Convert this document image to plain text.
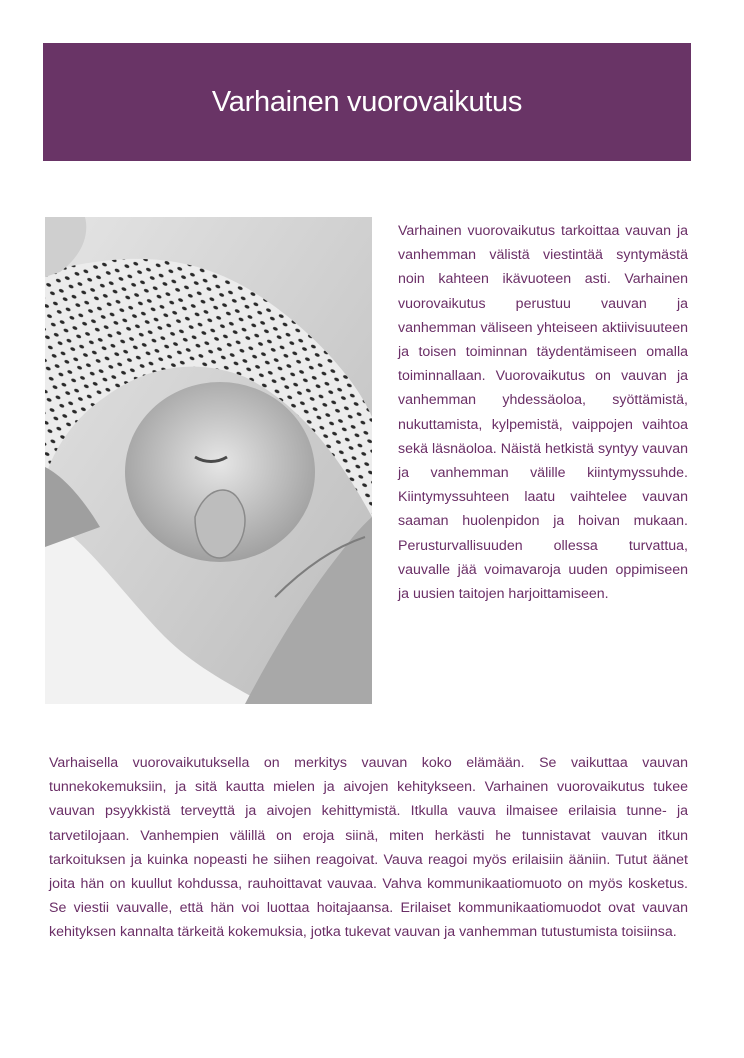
Varhainen vuorovaikutus

Varhainen vuorovaikutus tarkoittaa vauvan ja vanhemman välistä viestintää syntymästä noin kahteen ikävuoteen asti. Varhainen vuorovaikutus perustuu vauvan ja vanhemman väliseen yhteiseen aktiivisuuteen ja toisen toiminnan täydentämiseen omalla toiminnallaan. Vuorovaikutus on vauvan ja vanhemman yhdessäoloa, syöttämistä, nukuttamista, kylpemistä, vaippojen vaihtoa sekä läsnäoloa. Näistä hetkistä syntyy vauvan ja vanhemman välille kiintymyssuhde. Kiintymyssuhteen laatu vaihtelee vauvan saaman huolenpidon ja hoivan mukaan. Perusturvallisuuden ollessa turvattua, vauvalle jää voimavaroja uuden oppimiseen ja uusien taitojen harjoittamiseen.

Varhaisella vuorovaikutuksella on merkitys vauvan koko elämään. Se vaikuttaa vauvan tunnekokemuksiin, ja sitä kautta mielen ja aivojen kehitykseen. Varhainen vuorovaikutus tukee vauvan psyykkistä terveyttä ja aivojen kehittymistä. Itkulla vauva ilmaisee erilaisia tunne- ja tarvetilojaan. Vanhempien välillä on eroja siinä, miten herkästi he tunnistavat vauvan itkun tarkoituksen ja kuinka nopeasti he siihen reagoivat. Vauva reagoi myös erilaisiin ääniin. Tutut äänet joita hän on kuullut kohdussa, rauhoittavat vauvaa. Vahva kommunikaatiomuoto on myös kosketus. Se viestii vauvalle, että hän voi luottaa hoitajaansa. Erilaiset kommunikaatiomuodot ovat vauvan kehityksen kannalta tärkeitä kokemuksia, jotka tukevat vauvan ja vanhemman tutustumista toisiinsa.
